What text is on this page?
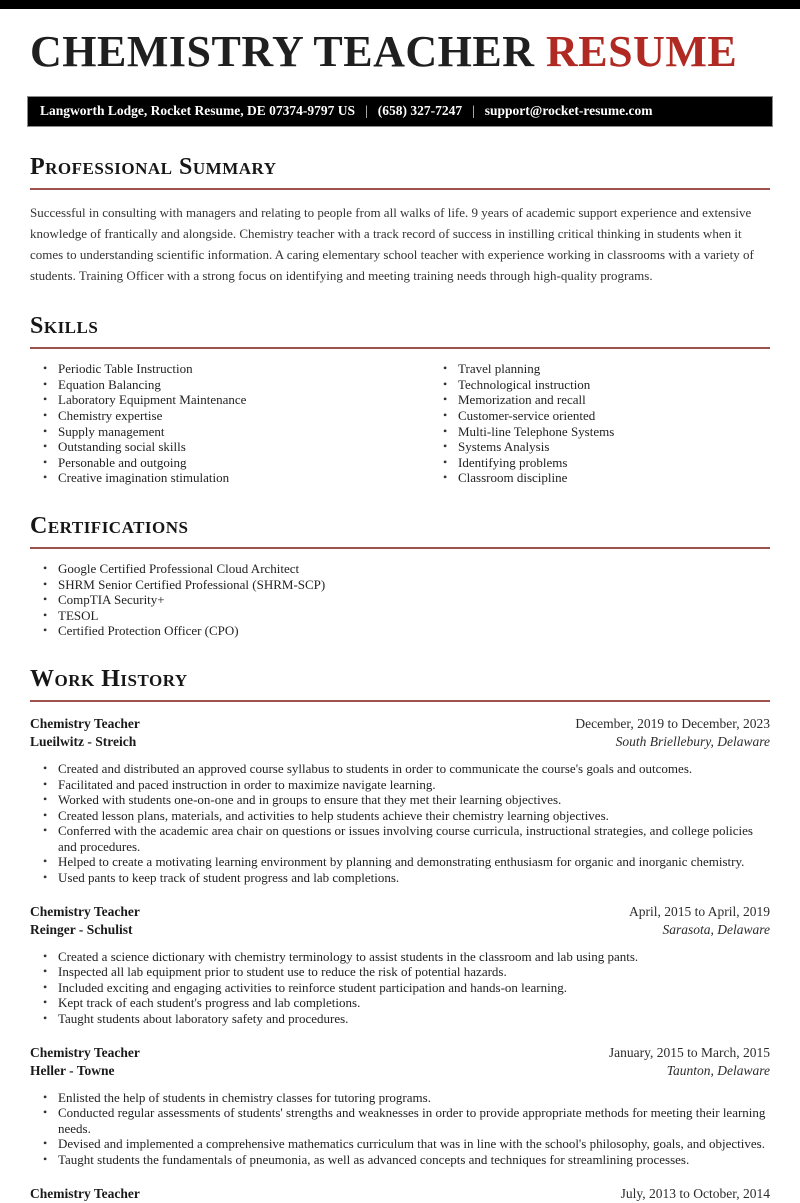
CHEMISTRY TEACHER RESUME
Langworth Lodge, Rocket Resume, DE 07374-9797 US | (658) 327-7247 | support@rocket-resume.com
Professional Summary

Successful in consulting with managers and relating to people from all walks of life. 9 years of academic support experience and extensive knowledge of frantically and alongside. Chemistry teacher with a track record of success in instilling critical thinking in students when it comes to understanding scientific information. A caring elementary school teacher with experience working in classrooms with a variety of students. Training Officer with a strong focus on identifying and meeting training needs through high-quality programs.

Skills
• Periodic Table Instruction
• Equation Balancing
• Laboratory Equipment Maintenance
• Chemistry expertise
• Supply management
• Outstanding social skills
• Personable and outgoing
• Creative imagination stimulation
• Travel planning
• Technological instruction
• Memorization and recall
• Customer-service oriented
• Multi-line Telephone Systems
• Systems Analysis
• Identifying problems
• Classroom discipline
Certifications
• Google Certified Professional Cloud Architect
• SHRM Senior Certified Professional (SHRM-SCP)
• CompTIA Security+
• TESOL
• Certified Protection Officer (CPO)
Work History
Chemistry Teacher	December, 2019 to December, 2023
Lueilwitz - Streich	South Briellebury, Delaware
• Created and distributed an approved course syllabus to students in order to communicate the course's goals and outcomes.
• Facilitated and paced instruction in order to maximize navigate learning.
• Worked with students one-on-one and in groups to ensure that they met their learning objectives.
• Created lesson plans, materials, and activities to help students achieve their chemistry learning objectives.
• Conferred with the academic area chair on questions or issues involving course curricula, instructional strategies, and college policies and procedures.
• Helped to create a motivating learning environment by planning and demonstrating enthusiasm for organic and inorganic chemistry.
• Used pants to keep track of student progress and lab completions.
Chemistry Teacher	April, 2015 to April, 2019
Reinger - Schulist	Sarasota, Delaware
• Created a science dictionary with chemistry terminology to assist students in the classroom and lab using pants.
• Inspected all lab equipment prior to student use to reduce the risk of potential hazards.
• Included exciting and engaging activities to reinforce student participation and hands-on learning.
• Kept track of each student's progress and lab completions.
• Taught students about laboratory safety and procedures.
Chemistry Teacher	January, 2015 to March, 2015
Heller - Towne	Taunton, Delaware
• Enlisted the help of students in chemistry classes for tutoring programs.
• Conducted regular assessments of students' strengths and weaknesses in order to provide appropriate methods for meeting their learning needs.
• Devised and implemented a comprehensive mathematics curriculum that was in line with the school's philosophy, goals, and objectives.
• Taught students the fundamentals of pneumonia, as well as advanced concepts and techniques for streamlining processes.
Chemistry Teacher	July, 2013 to October, 2014
